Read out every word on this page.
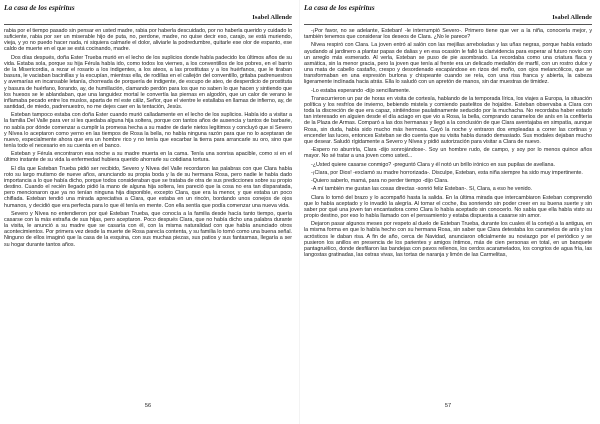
La casa de los espíritus
Isabel Allende

rabia por el tiempo pasado sin pensar en usted madre, rabia por haberla descuidado, por no haberla querido y cuidado lo suficiente, rabia por ser un miserable hijo de puta, no, perdone, madre, no quise decir eso, carajo, se está muriendo, vieja, y yo no puedo hacer nada, ni siquiera calmarle el dolor, aliviarle la podredumbre, quitarle ese olor de espanto, ese caldo de muerte en el que se está cocinando, madre.

Dos días después, doña Ester Trueba murió en el lecho de los suplicios donde había padecido los últimos años de su vida. Estaba sola, porque su hija Férula había ido, como todos los viernes, a los conventillos de los pobres, en el barrio de la Misericordia, a rezar el rosario a los indigentes, a los ateos, a las prostitutas y a los huérfanos, que le tiraban basura, le vaciaban bacinillas y la escupían, mientras ella, de rodillas en el callejón del conventillo, gritaba padrenuestros y avemarías en incansable letanía, chorreada de porquería de indigente, de escupo de ateo, de desperdicio de prostituta y basura de huérfano, llorando, ay, de humillación, clamando perdón para los que no saben lo que hacen y sintiendo que los huesos se le ablandaban, que una languidez mortal le convertía las piernas en algodón, que un calor de verano le inflamaba pecado entre los muslos, aparta de mí este cáliz, Señor, que el vientre le estallaba en llamas de infierno, ay, de santidad, de miedo, padrenuestro, no me dejes caer en la tentación, Jesús.

Esteban tampoco estaba con doña Ester cuando murió calladamente en el lecho de los suplicios. Había ido a visitar a la familia Del Valle para ver si les quedaba alguna hija soltera, porque con tantos años de ausencia y tantos de barbarie, no sabía por dónde comenzar a cumplir la promesa hecha a su madre de darle nietos legítimos y concluyó que si Severo y Nívea lo aceptaron como yerno en las tiempos de Rosa la bella, no había ninguna razón para que no lo aceptaran de nuevo, especialmente ahora que era un hombre rico y no tenía que escarbar la tierra para arrancarle su oro, sino que tenía todo el necesario en su cuenta en el banco.

Esteban y Férula encontraron esa noche a su madre muerta en la cama. Tenía una sonrisa apacible, como si en el último instante de su vida la enfermedad hubiera querido ahorrarle su cotidiana tortura.

El día que Esteban Trueba pidió ser recibido, Severo y Nívea del Valle recordaron las palabras con que Clara había roto su largo mutismo de nueve años, anunciando su propia boda y la de su hermana Rosa, pero nadie le había dado importancia a lo que había dicho, porque todos consideraban que se trataba de otra de sus predicciones sobre su propio destino. Cuando el recién llegado pidió la mano de alguna hija soltera, les pareció que la cosa no era tan disparatada, pero mencionaron que ya no tenían ninguna hija disponible, excepto Clara, que era la menor, y que estaba un poco chiflada. Esteban tendió una mirada apreciativa a Clara, que estaba en un rincón, bordando unos conejos de ojos humanos, y decidió que era perfecta para lo que él tenía en mente. Con ella sentía que podía comenzar una nueva vida.

Severo y Nívea no entendieron por qué Esteban Trueba, que conocía a la familia desde hacía tanto tiempo, quería casarse con la más extraña de sus hijas, pero aceptaron. Poco después Clara, que no había dicho una palabra durante la visita, le anunció a su madre que se casaría con él, con la misma naturalidad con que había anunciado otros acontecimientos. Por primera vez desde la muerte de Rosa parecía contenta, y su familia lo tomó como una buena señal. Ninguno de ellos imaginó que la casa de la esquina, con sus muchas piezas, sus patios y sus fantasmas, llegaría a ser su hogar durante tantos años.

56
La casa de los espíritus
Isabel Allende

-¡Por favor, no se adelante, Esteban! -le interrumpió Severo-. Primero tiene que ver a la niña, conocerla mejor, y también tenemos que considerar los deseos de Clara. ¿No le parece?

Nívea respiró con Clara. La joven entró al salón con las mejillas arreboladas y las uñas negras, porque había estado ayudando al jardinero a plantar papas de dalias y en esa ocasión le falló la clarividencia para esperar al futuro novio con un arreglo más esmerado. Al verla, Esteban se puso de pie asombrado. La recordaba como una criatura flaca y asmática, sin la menor gracia, pero la joven que tenía al frente era un delicado medallón de marfil, con un rostro dulce y una mata de cabello castaño, crespo y desordenado escapándose en rizos del moño, con ojos melancólicos, que se transformaban en una expresión burlona y chispeante cuando se reía, con una risa franca y abierta, la cabeza ligeramente inclinada hacia atrás. Ella lo saludó con un apretón de manos, sin dar muestras de timidez.

-Lo estaba esperando -dijo sencillamente.

Transcurrieron un par de horas en visita de cortesía, hablando de la temporada lírica, los viajes a Europa, la situación política y los resfríos de invierno, bebiendo mistela y comiendo pastelitos de hojaldre. Esteban observaba a Clara con toda la discreción de que era capaz, sintiéndose paulatinamente seducido por la muchacha. No recordaba haber estado tan interesado en alguien desde el día aciago en que vio a Rosa, la bella, comprando caramelos de anís en la confitería de la Plaza de Armas. Comparó a las dos hermanas y llegó a la conclusión de que Clara aventajaba en simpatía, aunque Rosa, sin duda, había sido mucho más hermosa. Cayó la noche y entraron dos empleadas a correr las cortinas y encender las luces, entonces Esteban se dio cuenta que su visita había durado demasiado. Sus modales dejaban mucho que desear. Saludó rígidamente a Severo y Nívea y pidió autorización para visitar a Clara de nuevo.

-Espero no aburrirla, Clara -dijo sonrojándose-. Soy un hombre rudo, de campo, y soy por lo menos quince años mayor. No sé tratar a una joven como usted...

-¿Usted quiere casarse conmigo? -preguntó Clara y él notó un brillo irónico en sus pupilas de avellana.

-¡Clara, por Dios! -exclamó su madre horrorizada-. Disculpe, Esteban, esta niña siempre ha sido muy impertinente.

-Quiero saberlo, mamá, para no perder tiempo -dijo Clara.

-A mí también me gustan las cosas directas -sonrió feliz Esteban-. Sí, Clara, a eso he venido.

Clara lo tomó del brazo y lo acompañó hasta la salida. En la última mirada que intercambiaron Esteban comprendió que lo había aceptado y lo invadió la alegría. Al tomar el coche, iba sonriendo sin poder creer en su buena suerte y sin saber por qué una joven tan encantadora como Clara lo había aceptado sin conocerlo. No sabía que ella había visto su propio destino, por eso lo había llamado con el pensamiento y estaba dispuesta a casarse sin amor.

Dejaron pasar algunos meses por respeto al duelo de Esteban Trueba, durante los cuales él la cortejó a la antigua, en la misma forma en que lo había hecho con su hermana Rosa, sin saber que Clara detestaba los caramelos de anís y los acrósticos le daban risa. A fin de año, cerca de Navidad, anunciaron oficialmente su noviazgo por el periódico y se pusieron los anillos en presencia de los parientes y amigos íntimos, más de cien personas en total, en un banquete pantagruélico, donde desfilaron las bandejas con pavos rellenos, los cerdos acaramelados, los congrios de agua fría, las langostas gratinadas, las ostras vivas, las tortas de naranja y limón de las Carmelitas,

57
